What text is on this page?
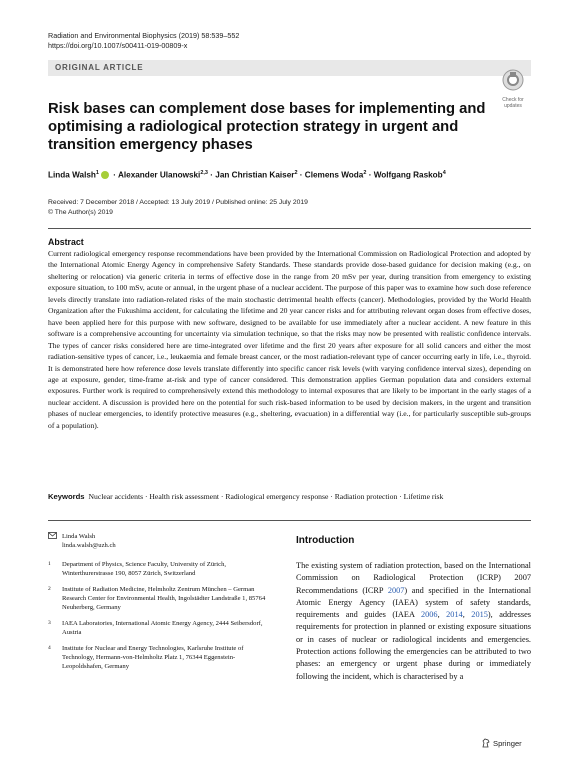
Radiation and Environmental Biophysics (2019) 58:539–552
https://doi.org/10.1007/s00411-019-00809-x
ORIGINAL ARTICLE
Check for
updates
Risk bases can complement dose bases for implementing and optimising a radiological protection strategy in urgent and transition emergency phases
Linda Walsh$^1$ · Alexander Ulanowski$^{2,3}$ · Jan Christian Kaiser$^2$ · Clemens Woda$^2$ · Wolfgang Raskob$^4$
Received: 7 December 2018 / Accepted: 13 July 2019 / Published online: 25 July 2019
© The Author(s) 2019
Abstract
Current radiological emergency response recommendations have been provided by the International Commission on Radiological Protection and adopted by the International Atomic Energy Agency in comprehensive Safety Standards. These standards provide dose-based guidance for decision making (e.g., on sheltering or relocation) via generic criteria in terms of effective dose in the range from 20 mSv per year, during transition from emergency to existing exposure situation, to 100 mSv, acute or annual, in the urgent phase of a nuclear accident. The purpose of this paper was to examine how such dose reference levels directly translate into radiation-related risks of the main stochastic detrimental health effects (cancer). Methodologies, provided by the World Health Organization after the Fukushima accident, for calculating the lifetime and 20 year cancer risks and for attributing relevant organ doses from effective doses, have been applied here for this purpose with new software, designed to be available for use immediately after a nuclear accident. A new feature in this software is a comprehensive accounting for uncertainty via simulation technique, so that the risks may now be presented with realistic confidence intervals. The types of cancer risks considered here are time-integrated over lifetime and the first 20 years after exposure for all solid cancers and either the most radiation-sensitive types of cancer, i.e., leukaemia and female breast cancer, or the most radiation-relevant type of cancer occurring early in life, i.e., thyroid. It is demonstrated here how reference dose levels translate differently into specific cancer risk levels (with varying confidence interval sizes), depending on age at exposure, gender, time-frame at-risk and type of cancer considered. This demonstration applies German population data and considers external exposures. Further work is required to comprehensively extend this methodology to internal exposures that are likely to be important in the early stages of a nuclear accident. A discussion is provided here on the potential for such risk-based information to be used by decision makers, in the urgent and transition phases of nuclear emergencies, to identify protective measures (e.g., sheltering, evacuation) in a differential way (i.e., for particularly susceptible sub-groups of a population).
Keywords Nuclear accidents · Health risk assessment · Radiological emergency response · Radiation protection · Lifetime risk
Linda Walsh
linda.walsh@uzh.ch
1 Department of Physics, Science Faculty, University of Zürich, Winterthurerstrasse 190, 8057 Zürich, Switzerland
2 Institute of Radiation Medicine, Helmholtz Zentrum München – German Research Center for Environmental Health, Ingolstädter Landstraße 1, 85764 Neuherberg, Germany
3 IAEA Laboratories, International Atomic Energy Agency, 2444 Seibersdorf, Austria
4 Institute for Nuclear and Energy Technologies, Karlsruhe Institute of Technology, Hermann-von-Helmholtz Platz 1, 76344 Eggenstein-Leopoldshafen, Germany
Introduction
The existing system of radiation protection, based on the International Commission on Radiological Protection (ICRP) 2007 Recommendations (ICRP 2007) and specified in the International Atomic Energy Agency (IAEA) system of safety standards, requirements and guides (IAEA 2006, 2014, 2015), addresses requirements for protection in planned or existing exposure situations or in cases of nuclear or radiological incidents and emergencies. Protection actions following the emergencies can be attributed to two phases: an emergency or urgent phase during or immediately following the incident, which is characterised by a
Springer
